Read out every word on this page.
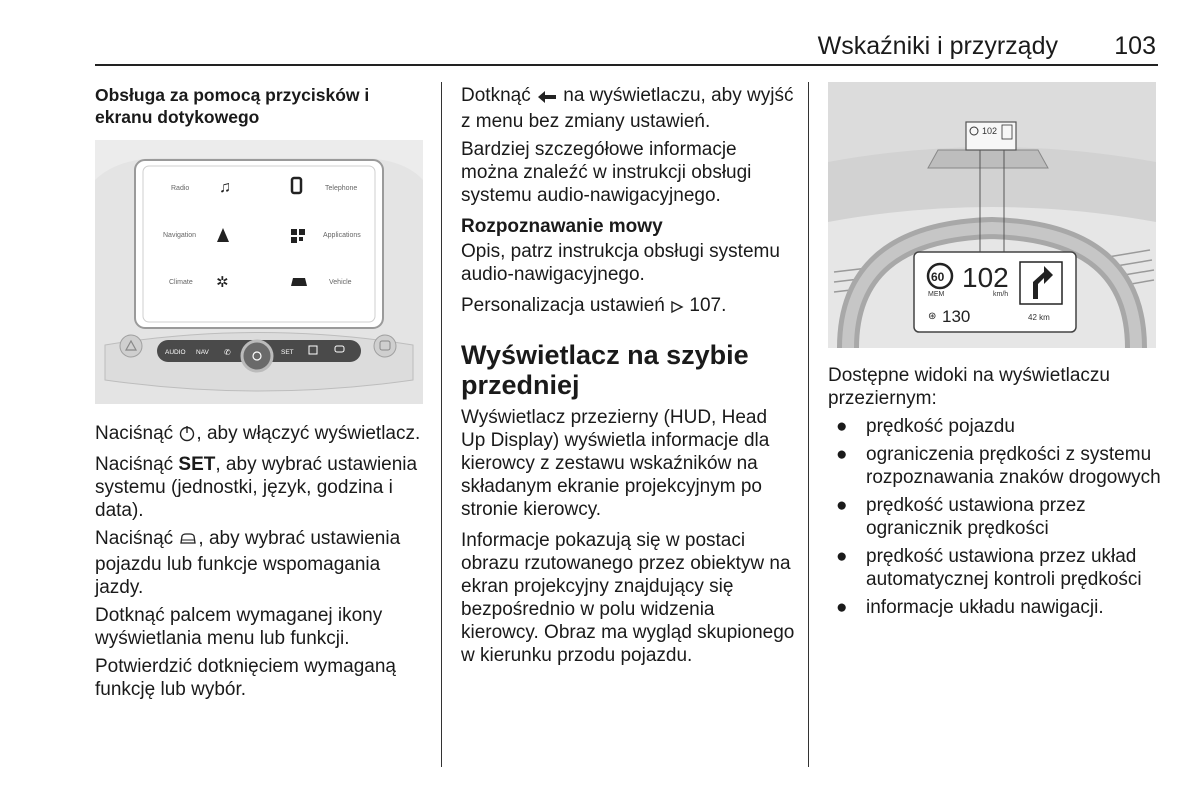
Wskaźniki i przyrządy 103
Obsługa za pomocą przycisków i
ekranu dotykowego
Radio	Telephone
Navigation	Applications
Climate	Vehicle
♫
✲
AUDIO NAV	SET
✆

Naciśnąć , aby włączyć wyświetlacz.

Naciśnąć SET, aby wybrać ustawienia systemu (jednostki, język, godzina i data).

Naciśnąć , aby wybrać ustawienia pojazdu lub funkcje wspomagania jazdy.

Dotknąć palcem wymaganej ikony wyświetlania menu lub funkcji.

Potwierdzić dotknięciem wymaganą funkcję lub wybór.

Dotknąć  na wyświetlaczu, aby wyjść z menu bez zmiany ustawień.

Bardziej szczegółowe informacje można znaleźć w instrukcji obsługi systemu audio-nawigacyjnego.

Rozpoznawanie mowy

Opis, patrz instrukcja obsługi systemu audio-nawigacyjnego.

Personalizacja ustawień  107.

Wyświetlacz na szybie przedniej

Wyświetlacz przezierny (HUD, Head Up Display) wyświetla informacje dla kierowcy z zestawu wskaźników na składanym ekranie projekcyjnym po stronie kierowcy.

Informacje pokazują się w postaci obrazu rzutowanego przez obiektyw na ekran projekcyjny znajdujący się bezpośrednio w polu widzenia kierowcy. Obraz ma wygląd skupionego w kierunku przodu pojazdu.

102
60
MEM
102
km/h
⊛ 130	42 km

Dostępne widoki na wyświetlaczu przeziernym:

● prędkość pojazdu
● ograniczenia prędkości z systemu rozpoznawania znaków drogowych
● prędkość ustawiona przez ogranicznik prędkości
● prędkość ustawiona przez układ automatycznej kontroli prędkości
● informacje układu nawigacji.
